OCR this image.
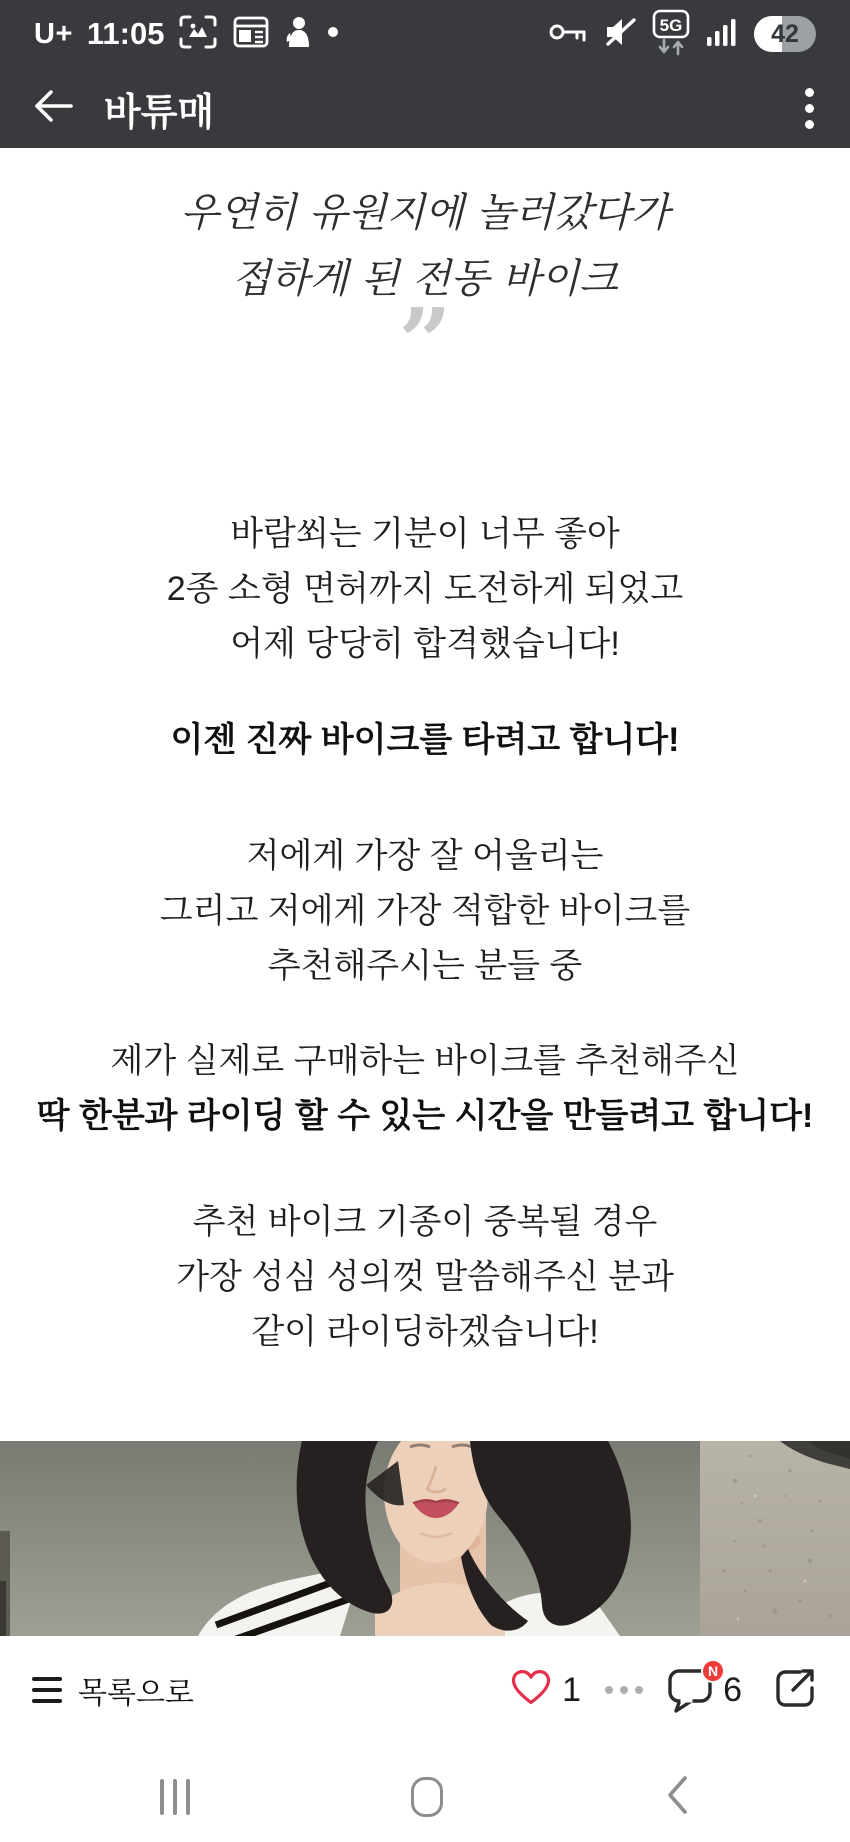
U+ 11:05	5G	42
바튜매
우연히 유원지에 놀러갔다가
접하게 된 전동 바이크
”
바람쐬는 기분이 너무 좋아
2종 소형 면허까지 도전하게 되었고
어제 당당히 합격했습니다!
이젠 진짜 바이크를 타려고 합니다!
저에게 가장 잘 어울리는
그리고 저에게 가장 적합한 바이크를
추천해주시는 분들 중
제가 실제로 구매하는 바이크를 추천해주신
딱 한분과 라이딩 할 수 있는 시간을 만들려고 합니다!
추천 바이크 기종이 중복될 경우
가장 성심 성의껏 말씀해주신 분과
같이 라이딩하겠습니다!
목록으로	1	N 6
